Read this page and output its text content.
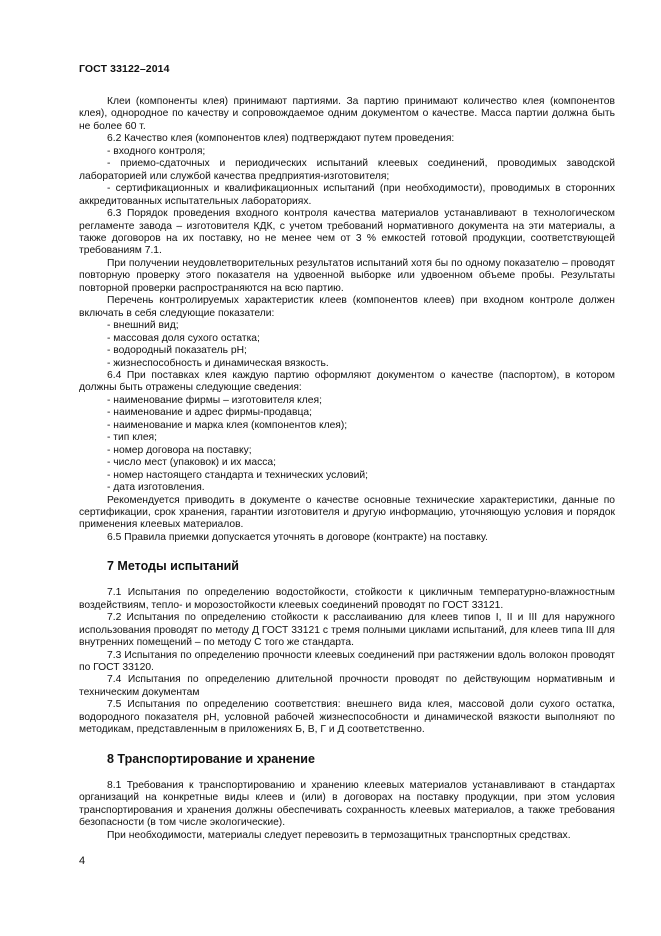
ГОСТ 33122–2014

Клеи (компоненты клея) принимают партиями. За партию принимают количество клея (компонентов клея), однородное по качеству и сопровождаемое одним документом о качестве. Масса партии должна быть не более 60 т.

6.2 Качество клея (компонентов клея) подтверждают путем проведения:

- входного контроля;

- приемо-сдаточных и периодических испытаний клеевых соединений, проводимых заводской лабораторией или службой качества предприятия-изготовителя;

- сертификационных и квалификационных испытаний (при необходимости), проводимых в сторонних аккредитованных испытательных лабораториях.

6.3 Порядок проведения входного контроля качества материалов устанавливают в технологическом регламенте завода – изготовителя КДК, с учетом требований нормативного документа на эти материалы, а также договоров на их поставку, но не менее чем от 3 % емкостей готовой продукции, соответствующей требованиям 7.1.

При получении неудовлетворительных результатов испытаний хотя бы по одному показателю – проводят повторную проверку этого показателя на удвоенной выборке или удвоенном объеме пробы. Результаты повторной проверки распространяются на всю партию.

Перечень контролируемых характеристик клеев (компонентов клеев) при входном контроле должен включать в себя следующие показатели:

- внешний вид;

- массовая доля сухого остатка;

- водородный показатель pH;

- жизнеспособность и динамическая вязкость.

6.4 При поставках клея каждую партию оформляют документом о качестве (паспортом), в котором должны быть отражены следующие сведения:

- наименование фирмы – изготовителя клея;

- наименование и адрес фирмы-продавца;

- наименование и марка клея (компонентов клея);

- тип клея;

- номер договора на поставку;

- число мест (упаковок) и их масса;

- номер настоящего стандарта и технических условий;

- дата изготовления.

Рекомендуется приводить в документе о качестве основные технические характеристики, данные по сертификации, срок хранения, гарантии изготовителя и другую информацию, уточняющую условия и порядок применения клеевых материалов.

6.5 Правила приемки допускается уточнять в договоре (контракте) на поставку.

7 Методы испытаний

7.1 Испытания по определению водостойкости, стойкости к цикличным температурно-влажностным воздействиям, тепло- и морозостойкости клеевых соединений проводят по ГОСТ 33121.

7.2 Испытания по определению стойкости к расслаиванию для клеев типов I, II и III для наружного использования проводят по методу Д ГОСТ 33121 с тремя полными циклами испытаний, для клеев типа III для внутренних помещений – по методу С того же стандарта.

7.3 Испытания по определению прочности клеевых соединений при растяжении вдоль волокон проводят по ГОСТ 33120.

7.4 Испытания по определению длительной прочности проводят по действующим нормативным и техническим документам

7.5 Испытания по определению соответствия: внешнего вида клея, массовой доли сухого остатка, водородного показателя pH, условной рабочей жизнеспособности и динамической вязкости выполняют по методикам, представленным в приложениях Б, В, Г и Д соответственно.

8 Транспортирование и хранение

8.1 Требования к транспортированию и хранению клеевых материалов устанавливают в стандартах организаций на конкретные виды клеев и (или) в договорах на поставку продукции, при этом условия транспортирования и хранения должны обеспечивать сохранность клеевых материалов, а также требования безопасности (в том числе экологические).

При необходимости, материалы следует перевозить в термозащитных транспортных средствах.

4
